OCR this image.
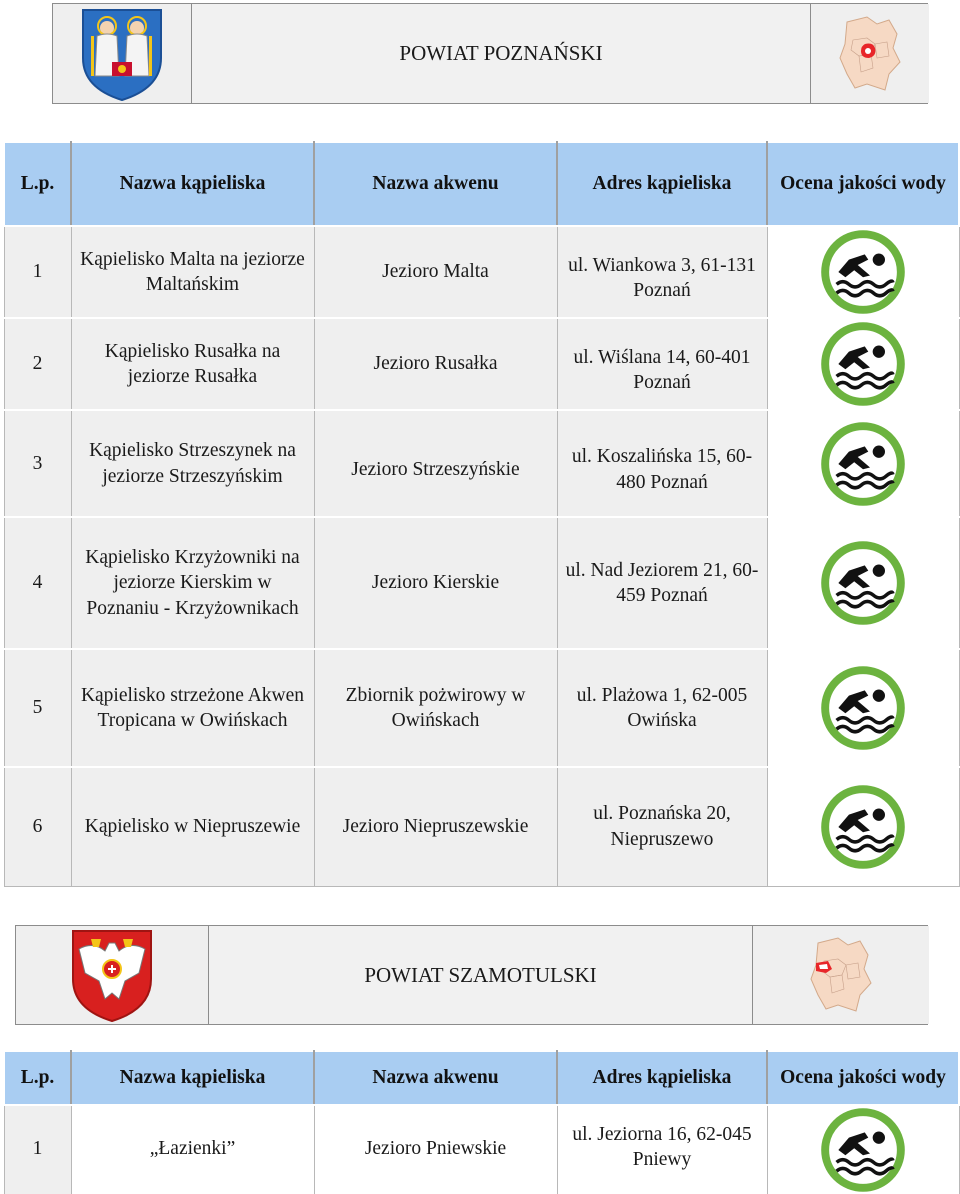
POWIAT POZNAŃSKI
L.p.	Nazwa kąpieliska	Nazwa akwenu	Adres kąpieliska	Ocena jakości wody
1	Kąpielisko Malta na jeziorze Maltańskim	Jezioro Malta	ul. Wiankowa 3, 61-131 Poznań

2	Kąpielisko Rusałka na jeziorze Rusałka	Jezioro Rusałka	ul. Wiślana 14, 60-401 Poznań

3	Kąpielisko Strzeszynek na jeziorze Strzeszyńskim	Jezioro Strzeszyńskie	ul. Koszalińska 15, 60-480 Poznań

4	Kąpielisko Krzyżowniki na jeziorze Kierskim w Poznaniu - Krzyżownikach	Jezioro Kierskie	ul. Nad Jeziorem 21, 60-459 Poznań	

5	Kąpielisko strzeżone Akwen Tropicana w Owińskach	Zbiornik pożwirowy w Owińskach	ul. Plażowa 1, 62-005 Owińska	

6	Kąpielisko w Niepruszewie	Jezioro Niepruszewskie	ul. Poznańska 20, Niepruszewo	
POWIAT SZAMOTULSKI
L.p.	Nazwa kąpieliska	Nazwa akwenu	Adres kąpieliska	Ocena jakości wody
1	„Łazienki”	Jezioro Pniewskie	ul. Jeziorna 16, 62-045 Pniewy	
